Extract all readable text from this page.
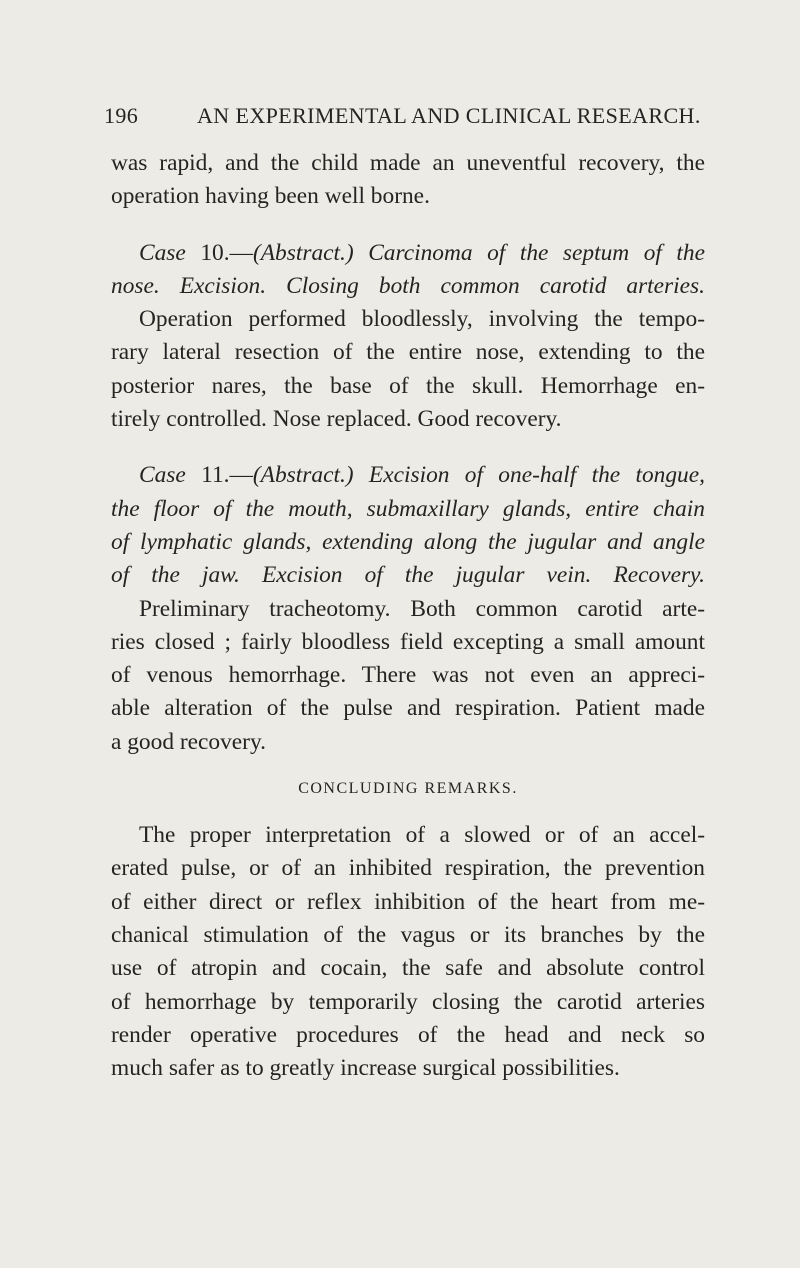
196	AN EXPERIMENTAL AND CLINICAL RESEARCH.
was rapid, and the child made an uneventful recovery, the
operation having been well borne.
Case 10.—(Abstract.) Carcinoma of the septum of the
nose. Excision. Closing both common carotid arteries.
Operation performed bloodlessly, involving the tempo-
rary lateral resection of the entire nose, extending to the
posterior nares, the base of the skull. Hemorrhage en-
tirely controlled. Nose replaced. Good recovery.
Case 11.—(Abstract.) Excision of one-half the tongue,
the floor of the mouth, submaxillary glands, entire chain
of lymphatic glands, extending along the jugular and angle
of the jaw. Excision of the jugular vein. Recovery.
Preliminary tracheotomy. Both common carotid arte-
ries closed ; fairly bloodless field excepting a small amount
of venous hemorrhage. There was not even an appreci-
able alteration of the pulse and respiration. Patient made
a good recovery.
CONCLUDING REMARKS.
The proper interpretation of a slowed or of an accel-
erated pulse, or of an inhibited respiration, the prevention
of either direct or reflex inhibition of the heart from me-
chanical stimulation of the vagus or its branches by the
use of atropin and cocain, the safe and absolute control
of hemorrhage by temporarily closing the carotid arteries
render operative procedures of the head and neck so
much safer as to greatly increase surgical possibilities.
